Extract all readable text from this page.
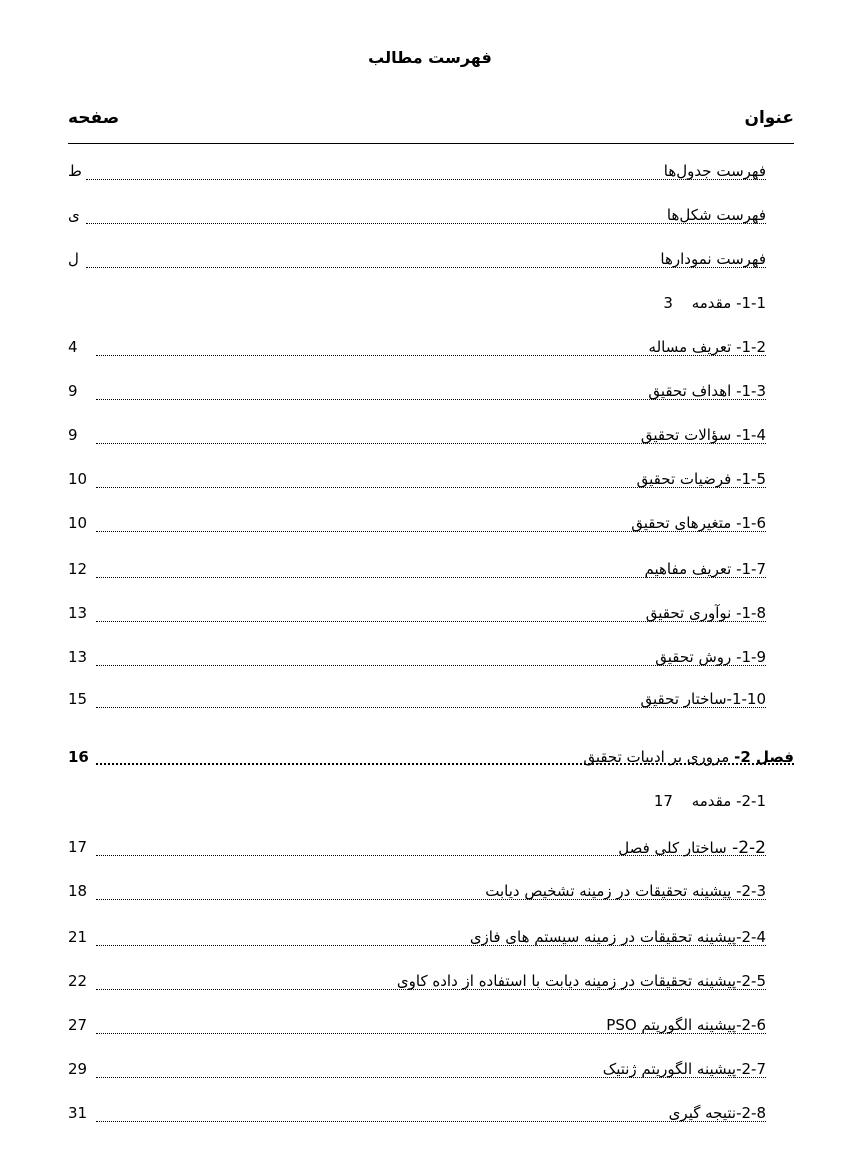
فهرست مطالب
عنوان
صفحه
فهرست جدول‌ها
ط
فهرست شکل‌ها
ی
فهرست نمودارها
ل
1-1- مقدمه 3
1-2- تعریف مساله
4
1-3- اهداف تحقیق
9
1-4- سؤالات تحقیق
9
1-5- فرضیات تحقیق
10
1-6- متغیرهای تحقیق
10
1-7- تعریف مفاهیم
12
1-8- نوآوری تحقیق
13
1-9- روش تحقیق
13
1-10-ساختار تحقیق
15
فصل 2- مروری بر ادبیات تحقیق
16
2-1- مقدمه 17
2-2- ساختار کلی فصل
17
2-3- پیشینه تحقیقات در زمینه تشخیص دیابت
18
2-4-پیشینه تحقیقات در زمینه سیستم های فازی
21
2-5-پیشینه تحقیقات در زمینه دیابت با استفاده از داده کاوی
22
2-6-پیشینه الگوریتم PSO
27
2-7-پیشینه الگوریتم ژنتیک
29
2-8-نتیجه گیری
31
